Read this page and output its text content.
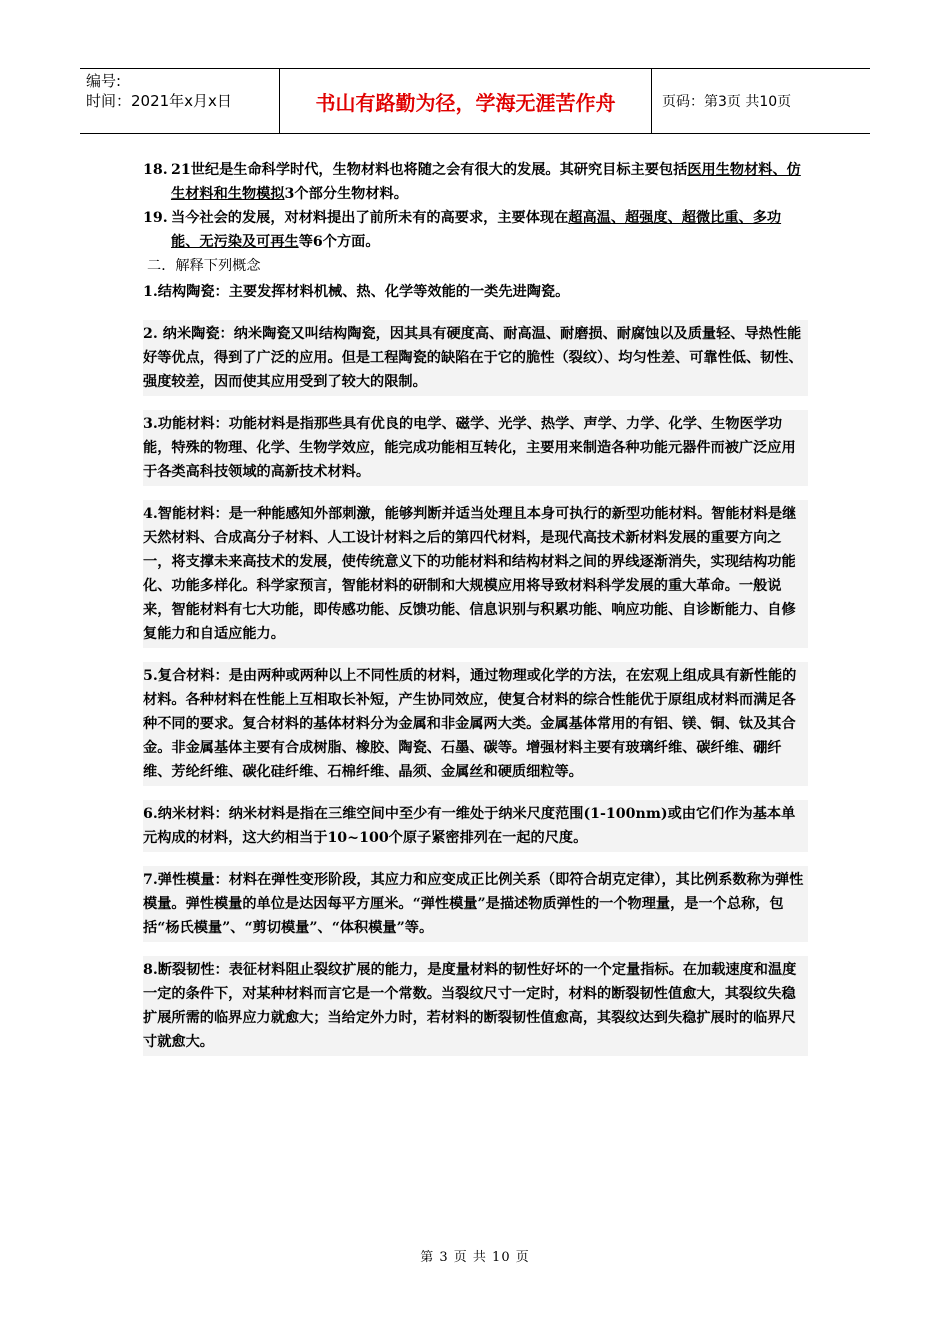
编号:
时间：2021年x月x日	书山有路勤为径，学海无涯苦作舟	页码：第3页 共10页
18. 21世纪是生命科学时代，生物材料也将随之会有很大的发展。其研究目标主要包括医用生物材料、仿生材料和生物模拟3个部分生物材料。
19. 当今社会的发展，对材料提出了前所未有的高要求，主要体现在超高温、超强度、超微比重、多功能、无污染及可再生等6个方面。
二．解释下列概念
1.结构陶瓷：主要发挥材料机械、热、化学等效能的一类先进陶瓷。
2. 纳米陶瓷：纳米陶瓷又叫结构陶瓷，因其具有硬度高、耐高温、耐磨损、耐腐蚀以及质量轻、导热性能好等优点，得到了广泛的应用。但是工程陶瓷的缺陷在于它的脆性（裂纹）、均匀性差、可靠性低、韧性、强度较差，因而使其应用受到了较大的限制。
3.功能材料：功能材料是指那些具有优良的电学、磁学、光学、热学、声学、力学、化学、生物医学功能，特殊的物理、化学、生物学效应，能完成功能相互转化，主要用来制造各种功能元器件而被广泛应用于各类高科技领域的高新技术材料。
4.智能材料：是一种能感知外部刺激，能够判断并适当处理且本身可执行的新型功能材料。智能材料是继天然材料、合成高分子材料、人工设计材料之后的第四代材料，是现代高技术新材料发展的重要方向之一，将支撑未来高技术的发展，使传统意义下的功能材料和结构材料之间的界线逐渐消失，实现结构功能化、功能多样化。科学家预言，智能材料的研制和大规模应用将导致材料科学发展的重大革命。一般说来，智能材料有七大功能，即传感功能、反馈功能、信息识别与积累功能、响应功能、自诊断能力、自修复能力和自适应能力。
5.复合材料：是由两种或两种以上不同性质的材料，通过物理或化学的方法，在宏观上组成具有新性能的材料。各种材料在性能上互相取长补短，产生协同效应，使复合材料的综合性能优于原组成材料而满足各种不同的要求。复合材料的基体材料分为金属和非金属两大类。金属基体常用的有铝、镁、铜、钛及其合金。非金属基体主要有合成树脂、橡胶、陶瓷、石墨、碳等。增强材料主要有玻璃纤维、碳纤维、硼纤维、芳纶纤维、碳化硅纤维、石棉纤维、晶须、金属丝和硬质细粒等。
6.纳米材料：纳米材料是指在三维空间中至少有一维处于纳米尺度范围(1-100nm)或由它们作为基本单元构成的材料，这大约相当于10~100个原子紧密排列在一起的尺度。
7.弹性模量：材料在弹性变形阶段，其应力和应变成正比例关系（即符合胡克定律），其比例系数称为弹性模量。弹性模量的单位是达因每平方厘米。“弹性模量”是描述物质弹性的一个物理量，是一个总称，包括“杨氏模量”、“剪切模量”、“体积模量”等。
8.断裂韧性：表征材料阻止裂纹扩展的能力，是度量材料的韧性好坏的一个定量指标。在加载速度和温度一定的条件下，对某种材料而言它是一个常数。当裂纹尺寸一定时，材料的断裂韧性值愈大，其裂纹失稳扩展所需的临界应力就愈大；当给定外力时，若材料的断裂韧性值愈高，其裂纹达到失稳扩展时的临界尺寸就愈大。
第 3 页 共 10 页
